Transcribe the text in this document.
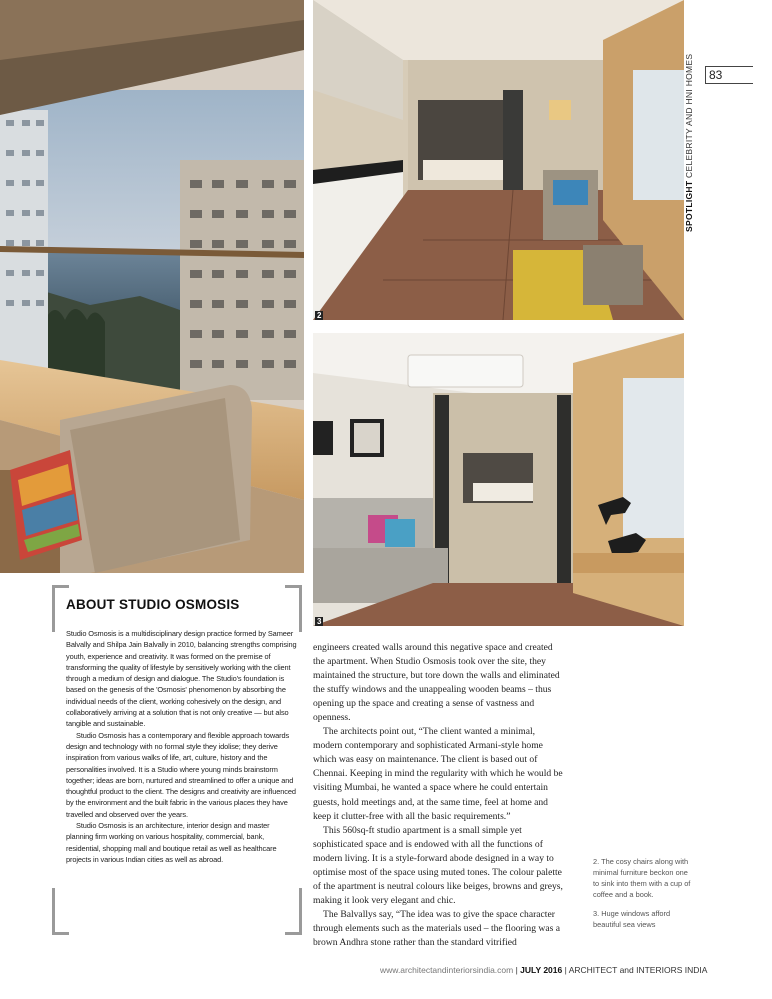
2
3
SPOTLIGHT CELEBRITY AND HNI HOMES	83
ABOUT STUDIO OSMOSIS

Studio Osmosis is a multidisciplinary design practice formed by Sameer Balvally and Shilpa Jain Balvally in 2010, balancing strengths comprising youth, experience and creativity. It was formed on the premise of transforming the quality of lifestyle by sensitively working with the client through a medium of design and dialogue. The Studio's foundation is based on the genesis of the 'Osmosis' phenomenon by absorbing the individual needs of the client, working cohesively on the design, and collaboratively arriving at a solution that is not only creative — but also tangible and sustainable.

Studio Osmosis has a contemporary and flexible approach towards design and technology with no formal style they idolise; they derive inspiration from various walks of life, art, culture, history and the personalities involved. It is a Studio where young minds brainstorm together; ideas are born, nurtured and streamlined to offer a unique and thoughtful product to the client. The designs and creativity are influenced by the environment and the built fabric in the various places they have travelled and observed over the years.

Studio Osmosis is an architecture, interior design and master planning firm working on various hospitality, commercial, bank, residential, shopping mall and boutique retail as well as healthcare projects in various Indian cities as well as abroad.

engineers created walls around this negative space and created the apartment. When Studio Osmosis took over the site, they maintained the structure, but tore down the walls and eliminated the stuffy windows and the unappealing wooden beams – thus opening up the space and creating a sense of vastness and openness.

The architects point out, “The client wanted a minimal, modern contemporary and sophisticated Armani-style home which was easy on maintenance. The client is based out of Chennai. Keeping in mind the regularity with which he would be visiting Mumbai, he wanted a space where he could entertain guests, hold meetings and, at the same time, feel at home and keep it clutter-free with all the basic requirements.”

This 560sq-ft studio apartment is a small simple yet sophisticated space and is endowed with all the functions of modern living. It is a style-forward abode designed in a way to optimise most of the space using muted tones. The colour palette of the apartment is neutral colours like beiges, browns and greys, making it look very elegant and chic.

The Balvallys say, “The idea was to give the space character through elements such as the materials used – the flooring was a brown Andhra stone rather than the standard vitrified

2. The cosy chairs along with minimal furniture beckon one to sink into them with a cup of coffee and a book.

3. Huge windows afford beautiful sea views

www.architectandinteriorsindia.com | JULY 2016 | ARCHITECT and INTERIORS INDIA
